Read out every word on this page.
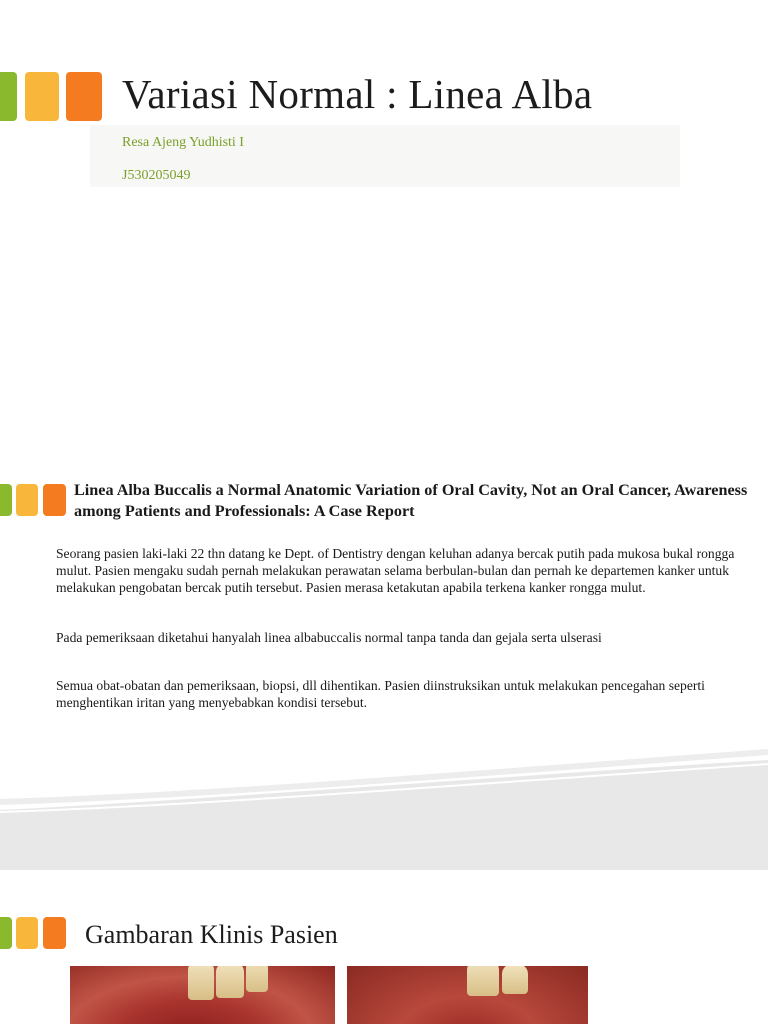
Variasi Normal : Linea Alba
Resa Ajeng Yudhisti I
J530205049
Linea Alba Buccalis a Normal Anatomic Variation of Oral Cavity, Not an Oral Cancer, Awareness among Patients and Professionals: A Case Report
Seorang pasien laki-laki 22 thn datang ke Dept. of Dentistry dengan keluhan adanya bercak putih pada mukosa bukal rongga mulut. Pasien mengaku sudah pernah melakukan perawatan selama berbulan-bulan dan pernah ke departemen kanker untuk melakukan pengobatan bercak putih tersebut. Pasien merasa ketakutan apabila terkena kanker rongga mulut.
Pada pemeriksaan diketahui hanyalah linea albabuccalis normal tanpa tanda dan gejala serta ulserasi
Semua obat-obatan dan pemeriksaan, biopsi, dll dihentikan. Pasien diinstruksikan untuk melakukan pencegahan seperti menghentikan iritan yang menyebabkan kondisi tersebut.
Gambaran Klinis Pasien
